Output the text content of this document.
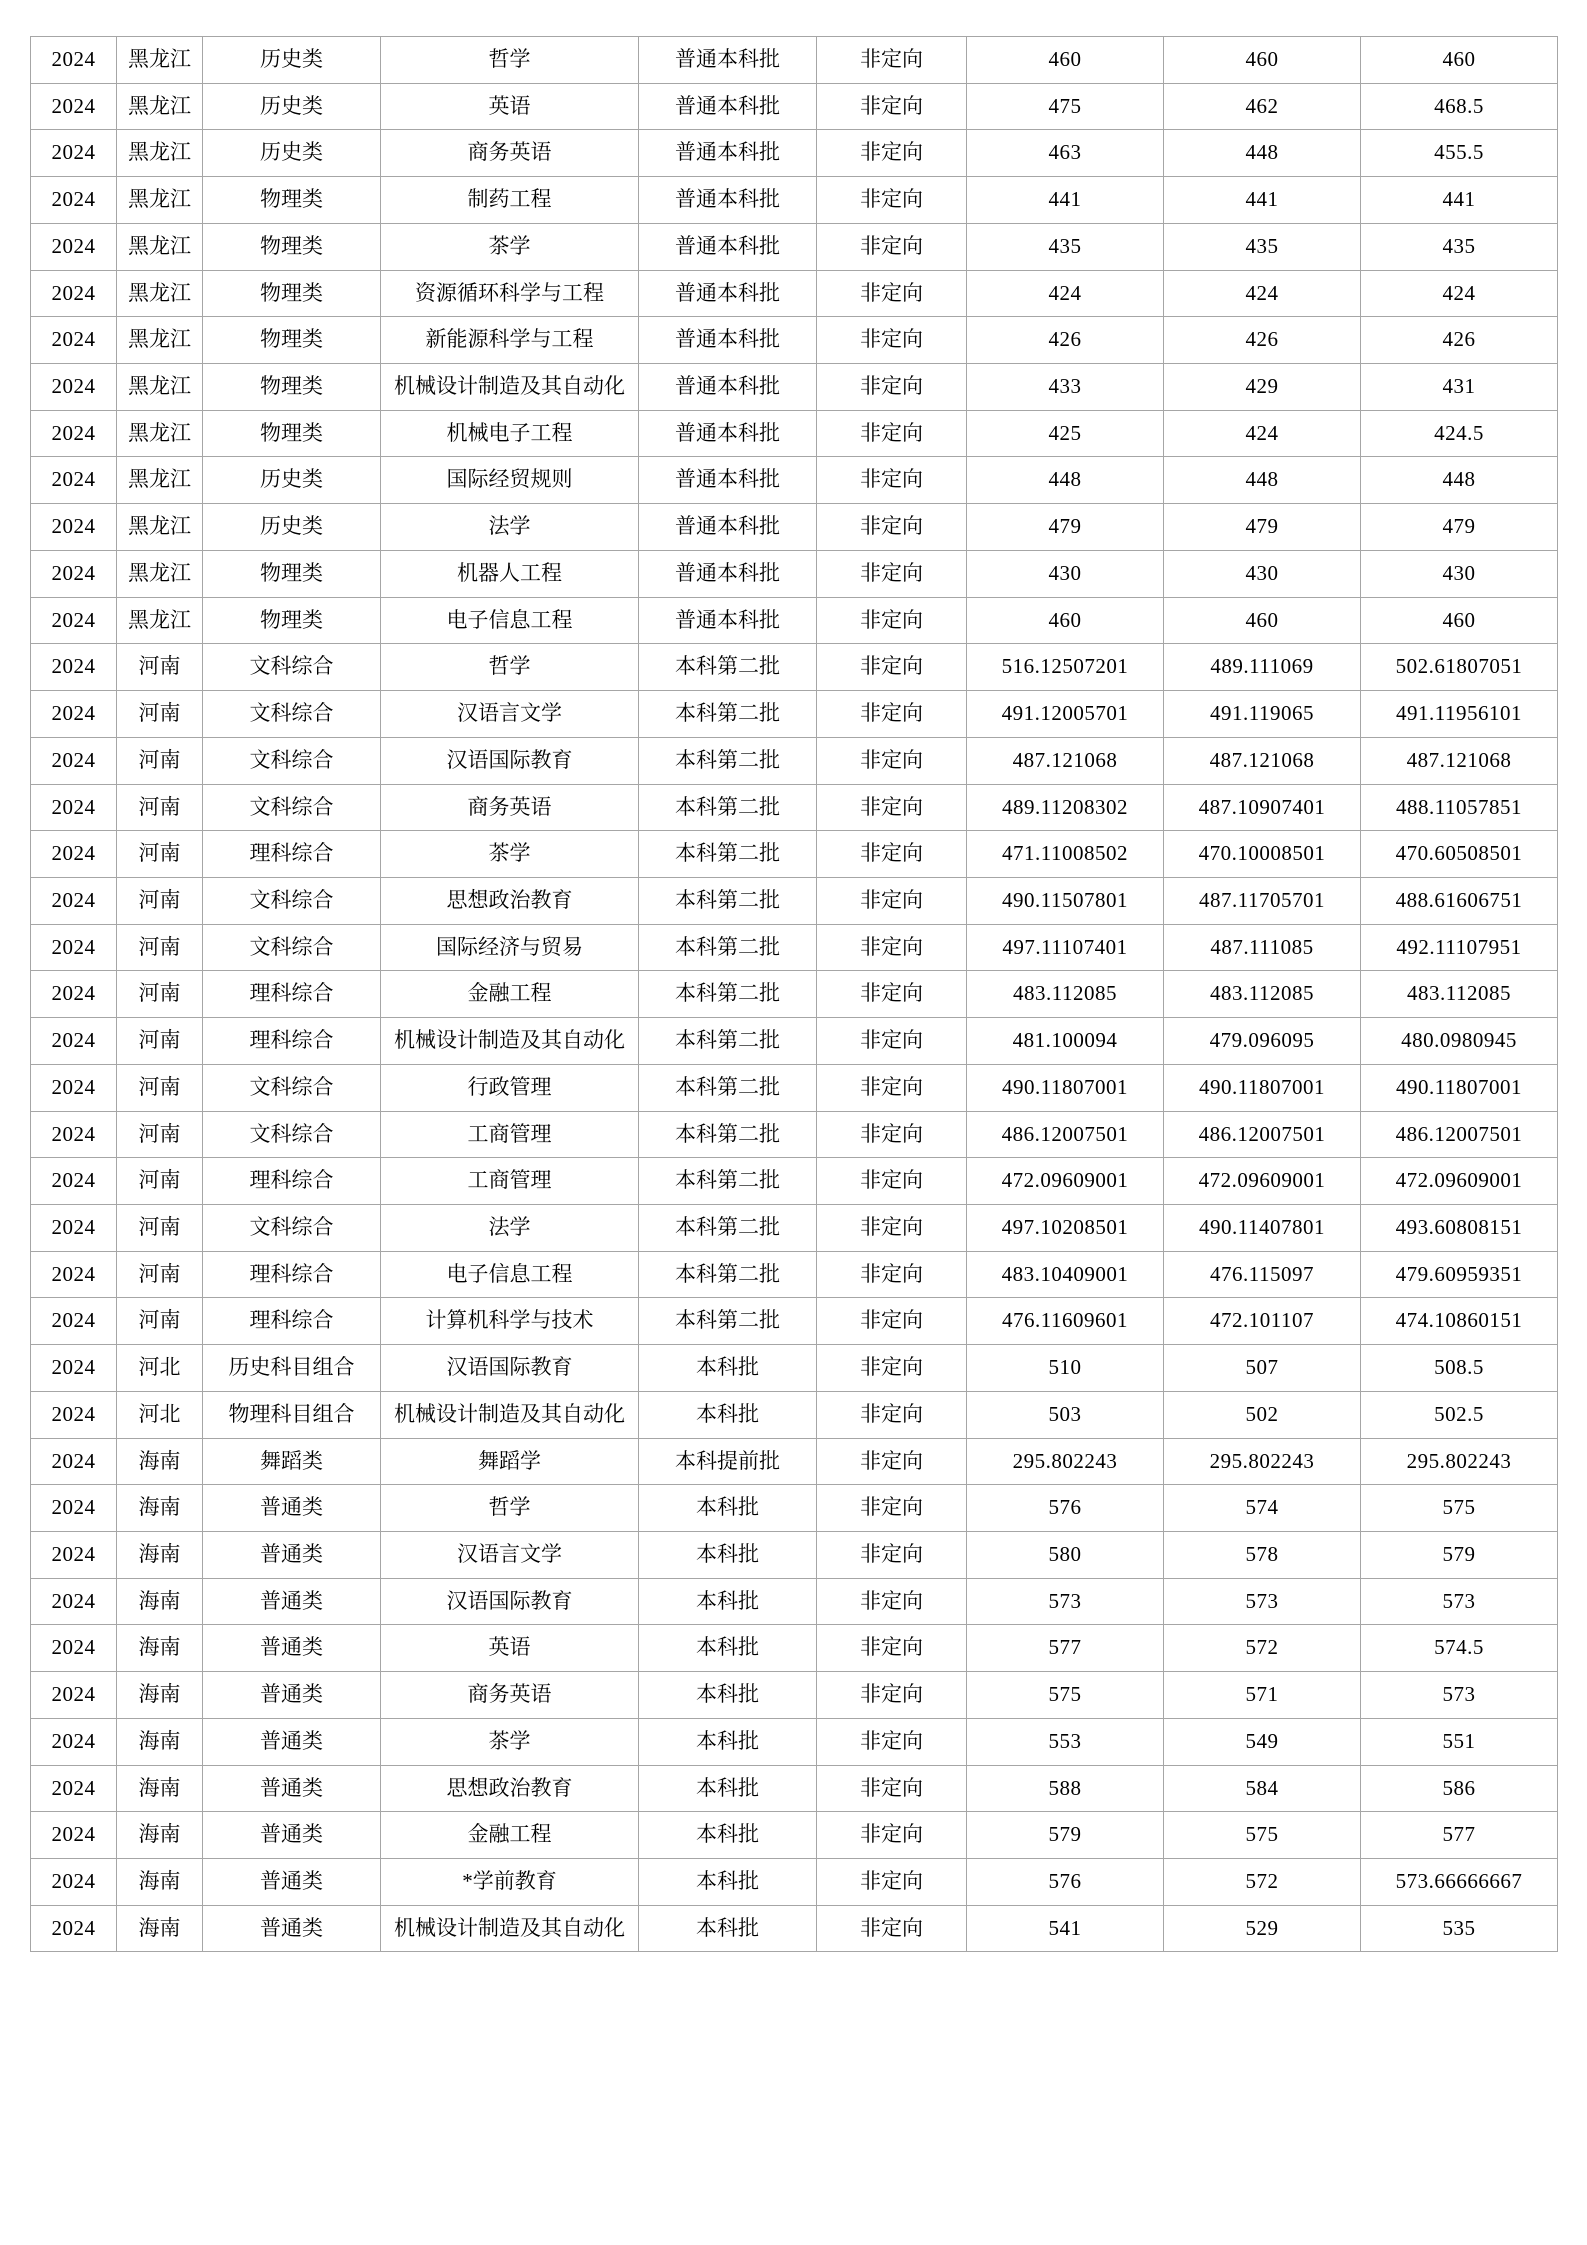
2024	黑龙江	历史类	哲学	普通本科批	非定向	460	460	460
2024	黑龙江	历史类	英语	普通本科批	非定向	475	462	468.5
2024	黑龙江	历史类	商务英语	普通本科批	非定向	463	448	455.5
2024	黑龙江	物理类	制药工程	普通本科批	非定向	441	441	441
2024	黑龙江	物理类	茶学	普通本科批	非定向	435	435	435
2024	黑龙江	物理类	资源循环科学与工程	普通本科批	非定向	424	424	424
2024	黑龙江	物理类	新能源科学与工程	普通本科批	非定向	426	426	426
2024	黑龙江	物理类	机械设计制造及其自动化	普通本科批	非定向	433	429	431
2024	黑龙江	物理类	机械电子工程	普通本科批	非定向	425	424	424.5
2024	黑龙江	历史类	国际经贸规则	普通本科批	非定向	448	448	448
2024	黑龙江	历史类	法学	普通本科批	非定向	479	479	479
2024	黑龙江	物理类	机器人工程	普通本科批	非定向	430	430	430
2024	黑龙江	物理类	电子信息工程	普通本科批	非定向	460	460	460
2024	河南	文科综合	哲学	本科第二批	非定向	516.12507201	489.111069	502.61807051
2024	河南	文科综合	汉语言文学	本科第二批	非定向	491.12005701	491.119065	491.11956101
2024	河南	文科综合	汉语国际教育	本科第二批	非定向	487.121068	487.121068	487.121068
2024	河南	文科综合	商务英语	本科第二批	非定向	489.11208302	487.10907401	488.11057851
2024	河南	理科综合	茶学	本科第二批	非定向	471.11008502	470.10008501	470.60508501
2024	河南	文科综合	思想政治教育	本科第二批	非定向	490.11507801	487.11705701	488.61606751
2024	河南	文科综合	国际经济与贸易	本科第二批	非定向	497.11107401	487.111085	492.11107951
2024	河南	理科综合	金融工程	本科第二批	非定向	483.112085	483.112085	483.112085
2024	河南	理科综合	机械设计制造及其自动化	本科第二批	非定向	481.100094	479.096095	480.0980945
2024	河南	文科综合	行政管理	本科第二批	非定向	490.11807001	490.11807001	490.11807001
2024	河南	文科综合	工商管理	本科第二批	非定向	486.12007501	486.12007501	486.12007501
2024	河南	理科综合	工商管理	本科第二批	非定向	472.09609001	472.09609001	472.09609001
2024	河南	文科综合	法学	本科第二批	非定向	497.10208501	490.11407801	493.60808151
2024	河南	理科综合	电子信息工程	本科第二批	非定向	483.10409001	476.115097	479.60959351
2024	河南	理科综合	计算机科学与技术	本科第二批	非定向	476.11609601	472.101107	474.10860151
2024	河北	历史科目组合	汉语国际教育	本科批	非定向	510	507	508.5
2024	河北	物理科目组合	机械设计制造及其自动化	本科批	非定向	503	502	502.5
2024	海南	舞蹈类	舞蹈学	本科提前批	非定向	295.802243	295.802243	295.802243
2024	海南	普通类	哲学	本科批	非定向	576	574	575
2024	海南	普通类	汉语言文学	本科批	非定向	580	578	579
2024	海南	普通类	汉语国际教育	本科批	非定向	573	573	573
2024	海南	普通类	英语	本科批	非定向	577	572	574.5
2024	海南	普通类	商务英语	本科批	非定向	575	571	573
2024	海南	普通类	茶学	本科批	非定向	553	549	551
2024	海南	普通类	思想政治教育	本科批	非定向	588	584	586
2024	海南	普通类	金融工程	本科批	非定向	579	575	577
2024	海南	普通类	*学前教育	本科批	非定向	576	572	573.66666667
2024	海南	普通类	机械设计制造及其自动化	本科批	非定向	541	529	535
